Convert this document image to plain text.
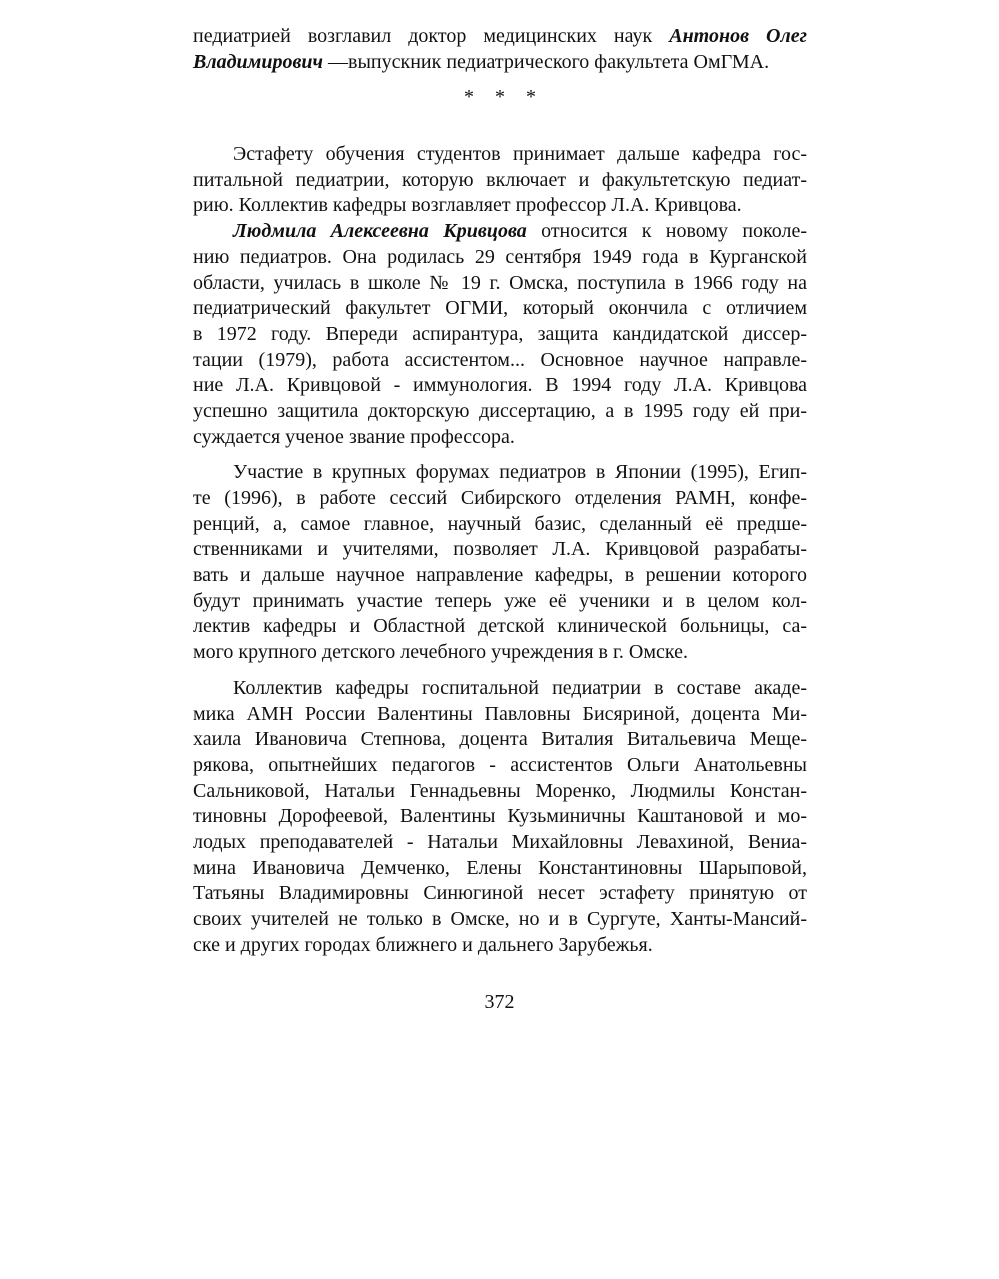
педиатрией возглавил доктор медицинских наук Антонов Олег
Владимирович —выпускник педиатрического факультета ОмГМА.
* * *
Эстафету обучения студентов принимает дальше кафедра гос-
питальной педиатрии, которую включает и факультетскую педиат-
рию. Коллектив кафедры возглавляет профессор Л.А. Кривцова.
Людмила Алексеевна Кривцова относится к новому поколе-
нию педиатров. Она родилась 29 сентября 1949 года в Курганской
области, училась в школе № 19 г. Омска, поступила в 1966 году на
педиатрический факультет ОГМИ, который окончила с отличием
в 1972 году. Впереди аспирантура, защита кандидатской диссер-
тации (1979), работа ассистентом... Основное научное направле-
ние Л.А. Кривцовой - иммунология. В 1994 году Л.А. Кривцова
успешно защитила докторскую диссертацию, а в 1995 году ей при-
суждается ученое звание профессора.
Участие в крупных форумах педиатров в Японии (1995), Егип-
те (1996), в работе сессий Сибирского отделения РАМН, конфе-
ренций, а, самое главное, научный базис, сделанный её предше-
ственниками и учителями, позволяет Л.А. Кривцовой разрабаты-
вать и дальше научное направление кафедры, в решении которого
будут принимать участие теперь уже её ученики и в целом кол-
лектив кафедры и Областной детской клинической больницы, са-
мого крупного детского лечебного учреждения в г. Омске.
Коллектив кафедры госпитальной педиатрии в составе акаде-
мика АМН России Валентины Павловны Бисяриной, доцента Ми-
хаила Ивановича Степнова, доцента Виталия Витальевича Меще-
рякова, опытнейших педагогов - ассистентов Ольги Анатольевны
Сальниковой, Натальи Геннадьевны Моренко, Людмилы Констан-
тиновны Дорофеевой, Валентины Кузьминичны Каштановой и мо-
лодых преподавателей - Натальи Михайловны Левахиной, Вениа-
мина Ивановича Демченко, Елены Константиновны Шарыповой,
Татьяны Владимировны Синюгиной несет эстафету принятую от
своих учителей не только в Омске, но и в Сургуте, Ханты-Мансий-
ске и других городах ближнего и дальнего Зарубежья.
372
